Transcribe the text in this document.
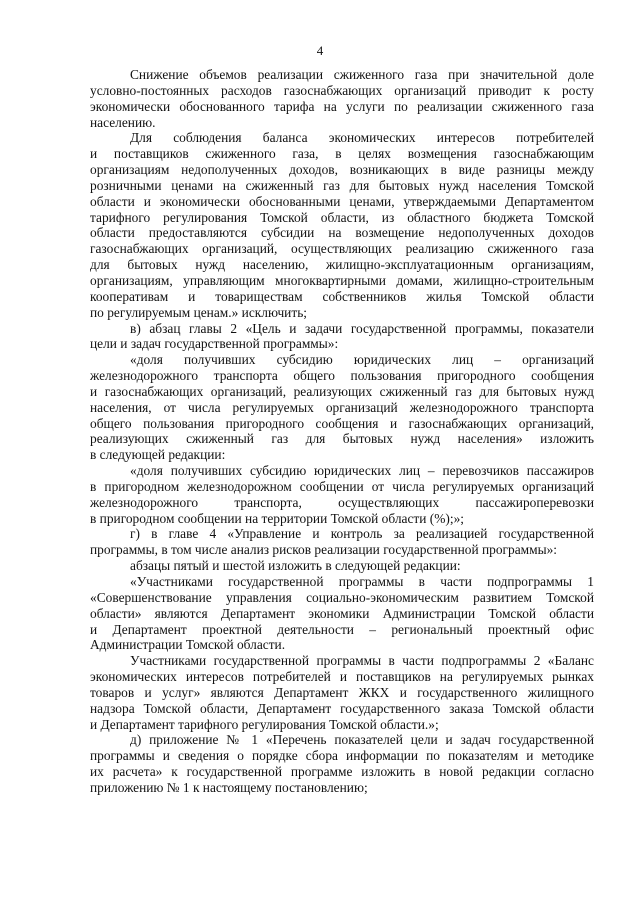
4
Снижение объемов реализации сжиженного газа при значительной доле
условно-постоянных расходов газоснабжающих организаций приводит к росту
экономически обоснованного тарифа на услуги по реализации сжиженного газа
населению.
Для соблюдения баланса экономических интересов потребителей
и поставщиков сжиженного газа, в целях возмещения газоснабжающим
организациям недополученных доходов, возникающих в виде разницы между
розничными ценами на сжиженный газ для бытовых нужд населения Томской
области и экономически обоснованными ценами, утверждаемыми Департаментом
тарифного регулирования Томской области, из областного бюджета Томской
области предоставляются субсидии на возмещение недополученных доходов
газоснабжающих организаций, осуществляющих реализацию сжиженного газа
для бытовых нужд населению, жилищно-эксплуатационным организациям,
организациям, управляющим многоквартирными домами, жилищно-строительным
кооперативам и товариществам собственников жилья Томской области
по регулируемым ценам.» исключить;
в) абзац главы 2 «Цель и задачи государственной программы, показатели
цели и задач государственной программы»:
«доля получивших субсидию юридических лиц – организаций
железнодорожного транспорта общего пользования пригородного сообщения
и газоснабжающих организаций, реализующих сжиженный газ для бытовых нужд
населения, от числа регулируемых организаций железнодорожного транспорта
общего пользования пригородного сообщения и газоснабжающих организаций,
реализующих сжиженный газ для бытовых нужд населения» изложить
в следующей редакции:
«доля получивших субсидию юридических лиц – перевозчиков пассажиров
в пригородном железнодорожном сообщении от числа регулируемых организаций
железнодорожного транспорта, осуществляющих пассажироперевозки
в пригородном сообщении на территории Томской области (%);»;
г) в главе 4 «Управление и контроль за реализацией государственной
программы, в том числе анализ рисков реализации государственной программы»:
абзацы пятый и шестой изложить в следующей редакции:
«Участниками государственной программы в части подпрограммы 1
«Совершенствование управления социально-экономическим развитием Томской
области» являются Департамент экономики Администрации Томской области
и Департамент проектной деятельности – региональный проектный офис
Администрации Томской области.
Участниками государственной программы в части подпрограммы 2 «Баланс
экономических интересов потребителей и поставщиков на регулируемых рынках
товаров и услуг» являются Департамент ЖКХ и государственного жилищного
надзора Томской области, Департамент государственного заказа Томской области
и Департамент тарифного регулирования Томской области.»;
д) приложение № 1 «Перечень показателей цели и задач государственной
программы и сведения о порядке сбора информации по показателям и методике
их расчета» к государственной программе изложить в новой редакции согласно
приложению № 1 к настоящему постановлению;
